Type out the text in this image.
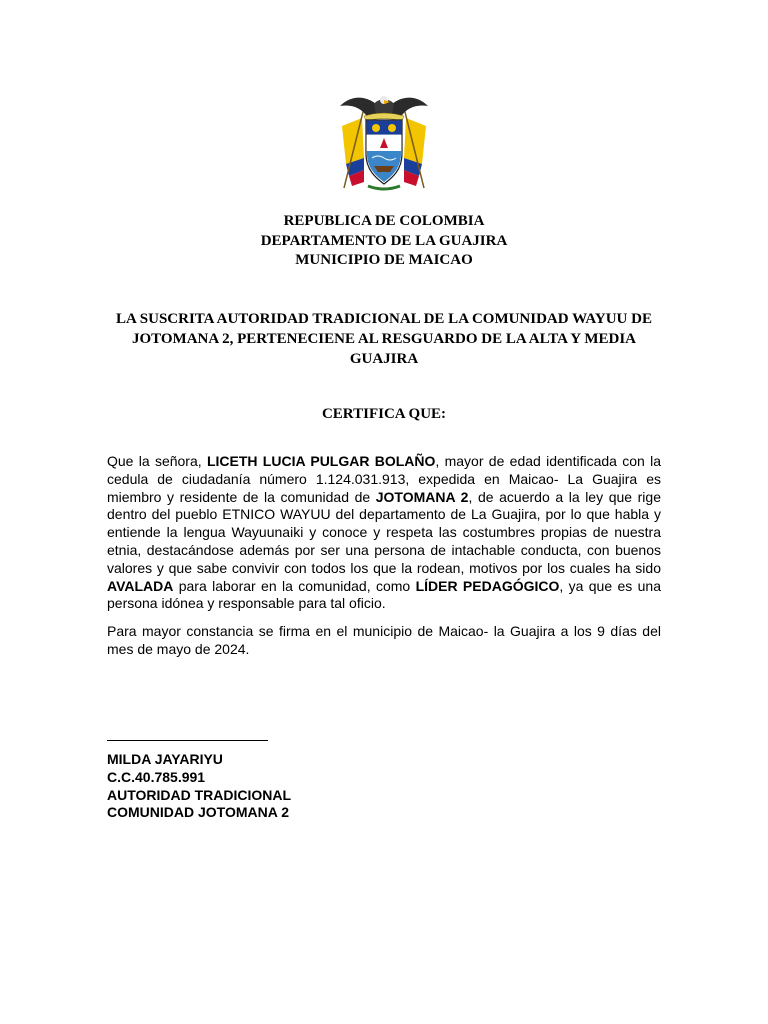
REPUBLICA DE COLOMBIA
DEPARTAMENTO DE LA GUAJIRA
MUNICIPIO DE MAICAO
LA SUSCRITA AUTORIDAD TRADICIONAL DE LA COMUNIDAD WAYUU DE JOTOMANA 2, PERTENECIENE AL RESGUARDO DE LA ALTA Y MEDIA GUAJIRA
CERTIFICA QUE:

Que la señora, LICETH LUCIA PULGAR BOLAÑO, mayor de edad identificada con la cedula de ciudadanía número 1.124.031.913, expedida en Maicao- La Guajira es miembro y residente de la comunidad de JOTOMANA 2, de acuerdo a la ley que rige dentro del pueblo ETNICO WAYUU del departamento de La Guajira, por lo que habla y entiende la lengua Wayuunaiki y conoce y respeta las costumbres propias de nuestra etnia, destacándose además por ser una persona de intachable conducta, con buenos valores y que sabe convivir con todos los que la rodean, motivos por los cuales ha sido AVALADA para laborar en la comunidad, como LÍDER PEDAGÓGICO, ya que es una persona idónea y responsable para tal oficio.

Para mayor constancia se firma en el municipio de Maicao- la Guajira a los 9 días del mes de mayo de 2024.

MILDA JAYARIYU
C.C.40.785.991
AUTORIDAD TRADICIONAL
COMUNIDAD JOTOMANA 2
